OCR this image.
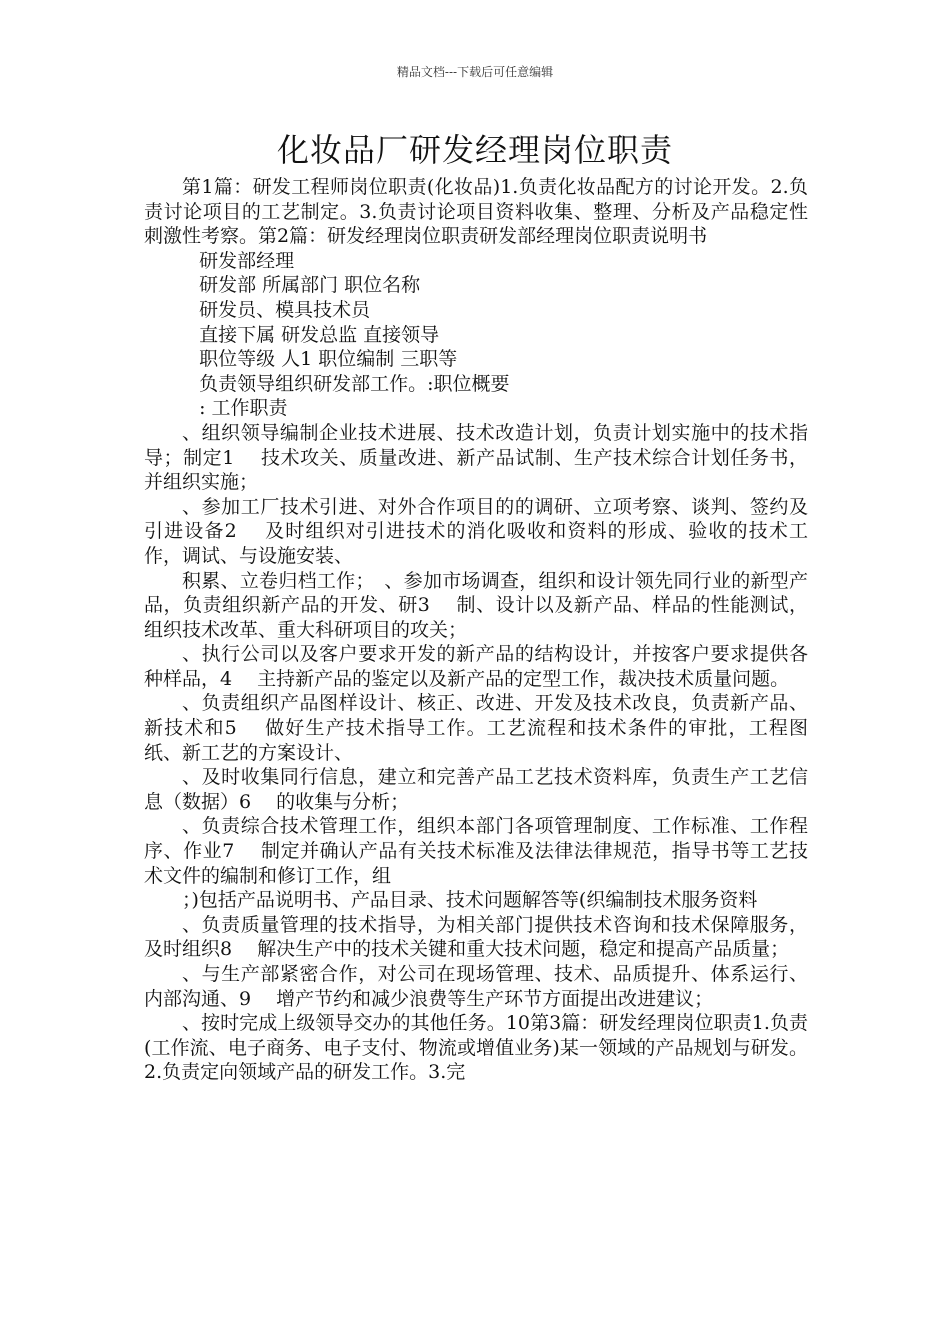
精品文档---下载后可任意编辑
化妆品厂研发经理岗位职责

第1篇：研发工程师岗位职责(化妆品)1.负责化妆品配方的讨论开发。2.负责讨论项目的工艺制定。3.负责讨论项目资料收集、整理、分析及产品稳定性刺激性考察。第2篇：研发经理岗位职责研发部经理岗位职责说明书

研发部经理

研发部 所属部门 职位名称

研发员、模具技术员

直接下属 研发总监 直接领导

职位等级 人1 职位编制 三职等

负责领导组织研发部工作。:职位概要

: 工作职责

、组织领导编制企业技术进展、技术改造计划，负责计划实施中的技术指导；制定1　 技术攻关、质量改进、新产品试制、生产技术综合计划任务书，并组织实施；

、参加工厂技术引进、对外合作项目的的调研、立项考察、谈判、签约及引进设备2　 及时组织对引进技术的消化吸收和资料的形成、验收的技术工作，调试、与设施安装、

积累、立卷归档工作；　、参加市场调查，组织和设计领先同行业的新型产品，负责组织新产品的开发、研3　 制、设计以及新产品、样品的性能测试，组织技术改革、重大科研项目的攻关；

、执行公司以及客户要求开发的新产品的结构设计，并按客户要求提供各种样品，4　 主持新产品的鉴定以及新产品的定型工作，裁决技术质量问题。

、负责组织产品图样设计、核正、改进、开发及技术改良，负责新产品、新技术和5　 做好生产技术指导工作。工艺流程和技术条件的审批，工程图纸、新工艺的方案设计、

、及时收集同行信息，建立和完善产品工艺技术资料库，负责生产工艺信息（数据）6　 的收集与分析；

、负责综合技术管理工作，组织本部门各项管理制度、工作标准、工作程序、作业7　 制定并确认产品有关技术标准及法律法律规范，指导书等工艺技术文件的编制和修订工作，组

；)包括产品说明书、产品目录、技术问题解答等(织编制技术服务资料

、负责质量管理的技术指导，为相关部门提供技术咨询和技术保障服务，及时组织8　 解决生产中的技术关键和重大技术问题，稳定和提高产品质量；

、与生产部紧密合作，对公司在现场管理、技术、品质提升、体系运行、内部沟通、9　 增产节约和减少浪费等生产环节方面提出改进建议；

、按时完成上级领导交办的其他任务。10第3篇：研发经理岗位职责1.负责(工作流、电子商务、电子支付、物流或增值业务)某一领域的产品规划与研发。2.负责定向领域产品的研发工作。3.完
